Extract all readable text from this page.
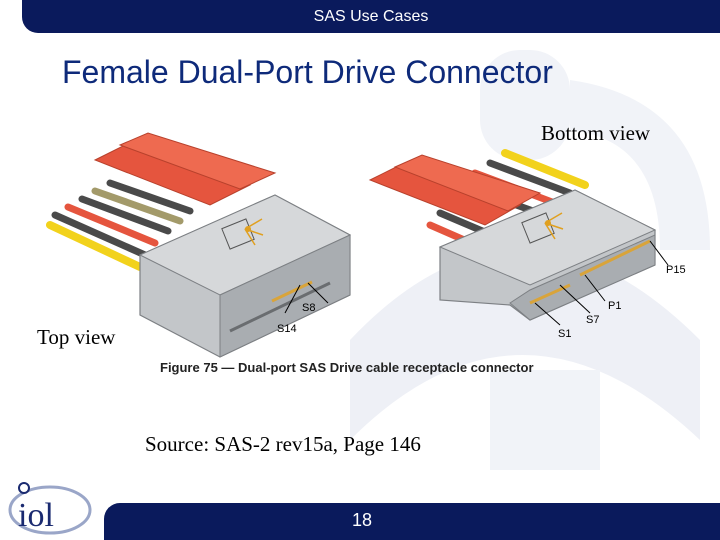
SAS Use Cases
Female Dual-Port Drive Connector
Bottom view
S8
S14
P15
P1
S7
S1
Top view
Figure 75 — Dual-port SAS Drive cable receptacle connector
Source: SAS-2 rev15a, Page 146
iol	18
